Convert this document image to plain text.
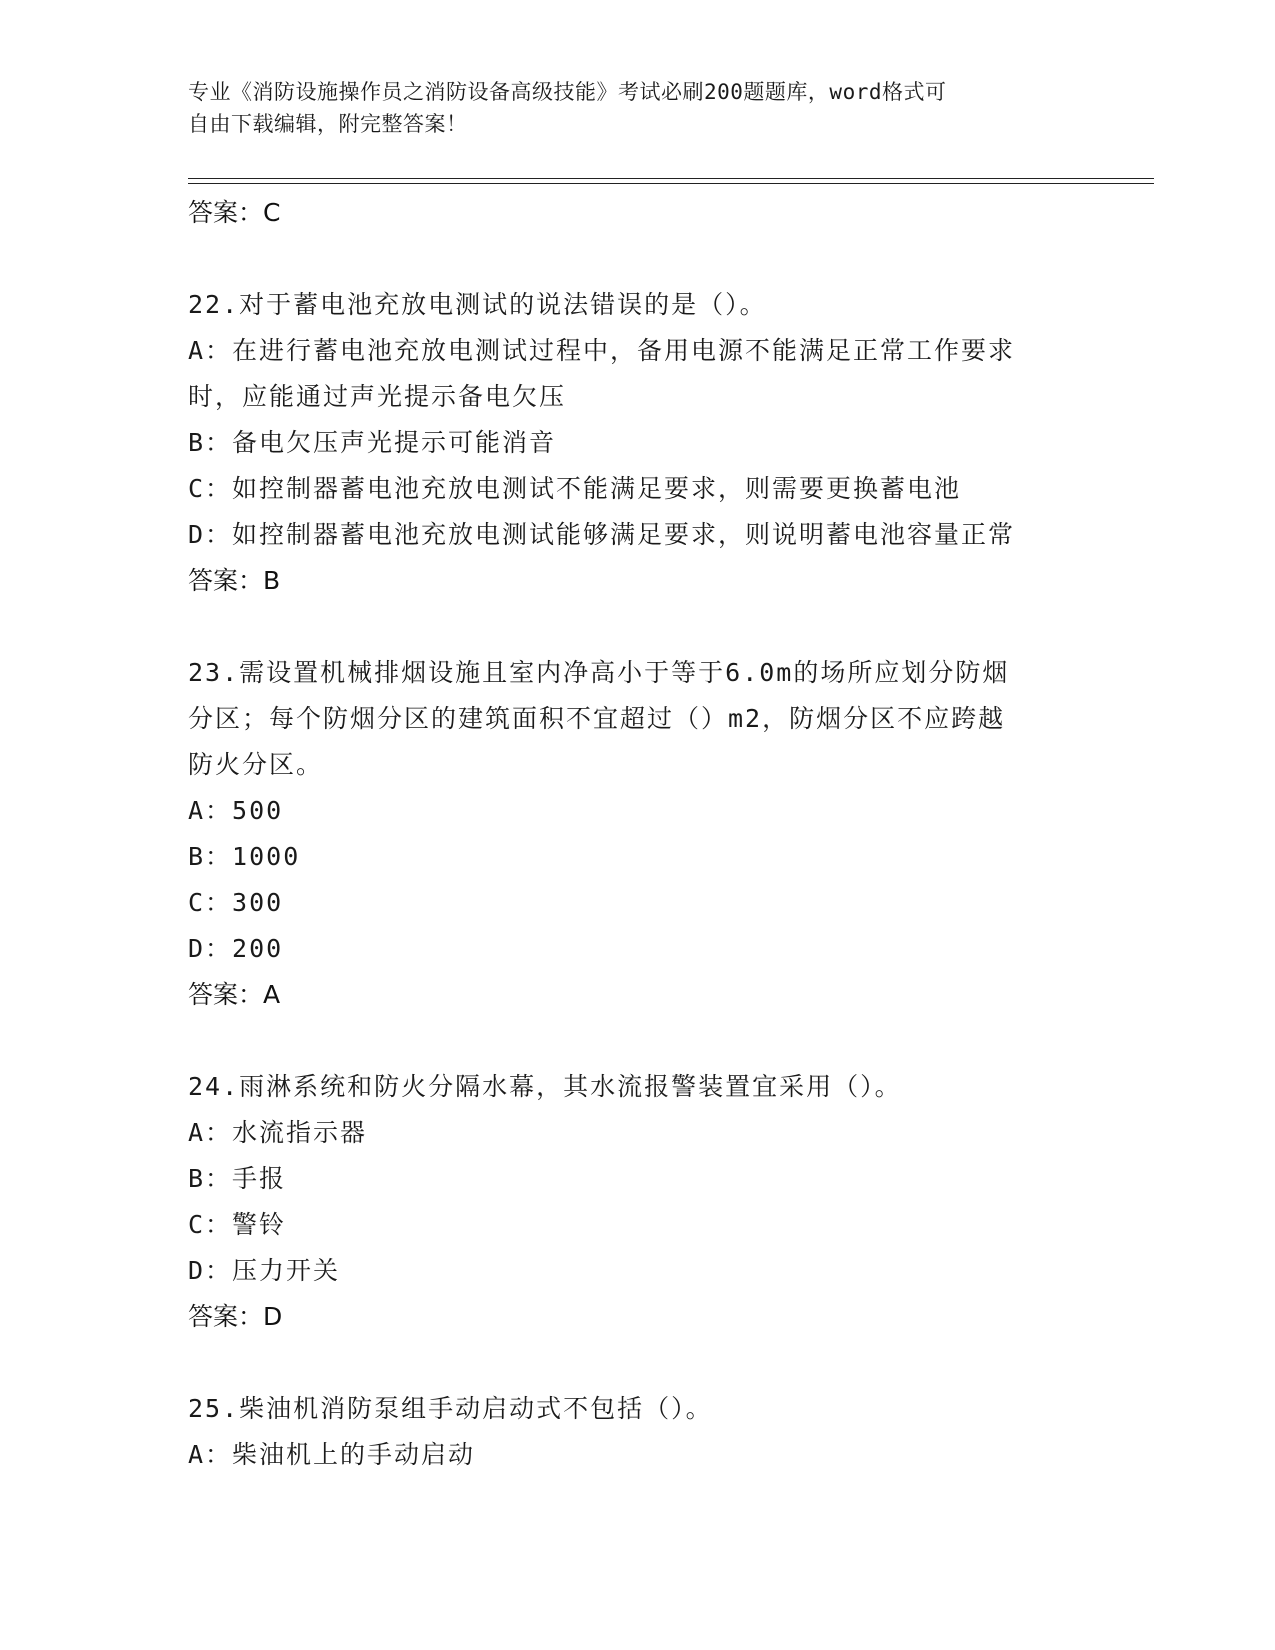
专业《消防设施操作员之消防设备高级技能》考试必刷200题题库，word格式可
自由下载编辑，附完整答案！
答案：C
22.对于蓄电池充放电测试的说法错误的是（）。
A：在进行蓄电池充放电测试过程中，备用电源不能满足正常工作要求
时，应能通过声光提示备电欠压
B：备电欠压声光提示可能消音
C：如控制器蓄电池充放电测试不能满足要求，则需要更换蓄电池
D：如控制器蓄电池充放电测试能够满足要求，则说明蓄电池容量正常
答案：B
23.需设置机械排烟设施且室内净高小于等于6.0m的场所应划分防烟
分区；每个防烟分区的建筑面积不宜超过（）m2，防烟分区不应跨越
防火分区。
A：500
B：1000
C：300
D：200
答案：A
24.雨淋系统和防火分隔水幕，其水流报警装置宜采用（）。
A：水流指示器
B：手报
C：警铃
D：压力开关
答案：D
25.柴油机消防泵组手动启动式不包括（）。
A：柴油机上的手动启动
